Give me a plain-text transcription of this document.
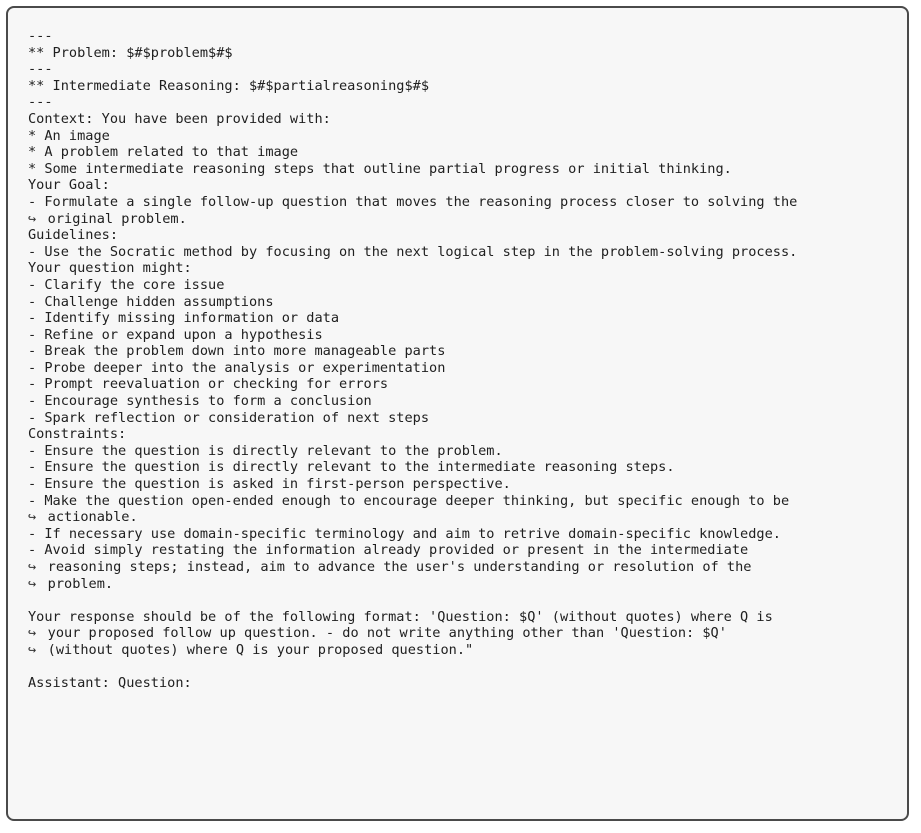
---
** Problem: $#$problem$#$
---
** Intermediate Reasoning: $#$partialreasoning$#$
---
Context: You have been provided with:
* An image
* A problem related to that image
* Some intermediate reasoning steps that outline partial progress or initial thinking.
Your Goal:
- Formulate a single follow-up question that moves the reasoning process closer to solving the
↪ original problem.
Guidelines:
- Use the Socratic method by focusing on the next logical step in the problem-solving process.
Your question might:
- Clarify the core issue
- Challenge hidden assumptions
- Identify missing information or data
- Refine or expand upon a hypothesis
- Break the problem down into more manageable parts
- Probe deeper into the analysis or experimentation
- Prompt reevaluation or checking for errors
- Encourage synthesis to form a conclusion
- Spark reflection or consideration of next steps
Constraints:
- Ensure the question is directly relevant to the problem.
- Ensure the question is directly relevant to the intermediate reasoning steps.
- Ensure the question is asked in first-person perspective.
- Make the question open-ended enough to encourage deeper thinking, but specific enough to be
↪ actionable.
- If necessary use domain-specific terminology and aim to retrive domain-specific knowledge.
- Avoid simply restating the information already provided or present in the intermediate
↪ reasoning steps; instead, aim to advance the user's understanding or resolution of the
↪ problem.
Your response should be of the following format: 'Question: $Q' (without quotes) where Q is
↪ your proposed follow up question. - do not write anything other than 'Question: $Q'
↪ (without quotes) where Q is your proposed question."
Assistant: Question:
